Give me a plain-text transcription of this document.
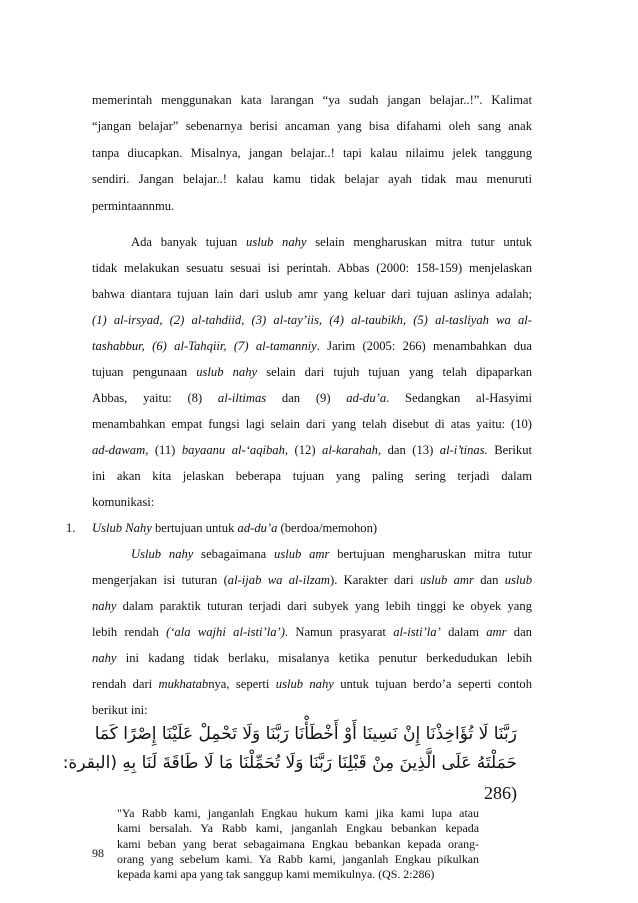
memerintah menggunakan kata larangan “ya sudah jangan belajar..!”. Kalimat
“jangan belajar” sebenarnya berisi ancaman yang bisa difahami oleh sang anak
tanpa diucapkan. Misalnya, jangan belajar..! tapi kalau nilaimu jelek tanggung
sendiri. Jangan belajar..! kalau kamu tidak belajar ayah tidak mau menuruti
permintaannmu.
Ada banyak tujuan uslub nahy selain mengharuskan mitra tutur untuk
tidak melakukan sesuatu sesuai isi perintah. Abbas (2000: 158-159) menjelaskan
bahwa diantara tujuan lain dari uslub amr yang keluar dari tujuan aslinya adalah;
(1) al-irsyad, (2) al-tahdiid, (3) al-tay’iis, (4) al-taubikh, (5) al-tasliyah wa al-
tashabbur, (6) al-Tahqiir, (7) al-tamanniy. Jarim (2005: 266) menambahkan dua
tujuan pengunaan uslub nahy selain dari tujuh tujuan yang telah dipaparkan
Abbas, yaitu: (8) al-iltimas dan (9) ad-du’a. Sedangkan al-Hasyimi
menambahkan empat fungsi lagi selain dari yang telah disebut di atas yaitu: (10)
ad-dawam, (11) bayaanu al-‘aqibah, (12) al-karahah, dan (13) al-i’tinas. Berikut
ini akan kita jelaskan beberapa tujuan yang paling sering terjadi dalam
komunikasi:
1. Uslub Nahy bertujuan untuk ad-du’a (berdoa/memohon)
Uslub nahy sebagaimana uslub amr bertujuan mengharuskan mitra tutur
mengerjakan isi tuturan (al-ijab wa al-ilzam). Karakter dari uslub amr dan uslub
nahy dalam paraktik tuturan terjadi dari subyek yang lebih tinggi ke obyek yang
lebih rendah (‘ala wajhi al-isti’la’). Namun prasyarat al-isti’la’ dalam amr dan
nahy ini kadang tidak berlaku, misalanya ketika penutur berkedudukan lebih
rendah dari mukhatabnya, seperti uslub nahy untuk tujuan berdo’a seperti contoh
berikut ini:
رَبَّنَا لَا تُؤَاخِذْنَا إِنْ نَسِينَا أَوْ أَخْطَأْنَا رَبَّنَا وَلَا تَحْمِلْ عَلَيْنَا إِصْرًا كَمَا
حَمَلْتَهُ عَلَى الَّذِينَ مِنْ قَبْلِنَا رَبَّنَا وَلَا تُحَمِّلْنَا مَا لَا طَاقَةَ لَنَا بِهِ (البقرة:
(286
"Ya Rabb kami, janganlah Engkau hukum kami jika kami lupa atau
kami bersalah. Ya Rabb kami, janganlah Engkau bebankan kepada
kami beban yang berat sebagaimana Engkau bebankan kepada orang-
orang yang sebelum kami. Ya Rabb kami, janganlah Engkau pikulkan
kepada kami apa yang tak sanggup kami memikulnya. (QS. 2:286)
98
